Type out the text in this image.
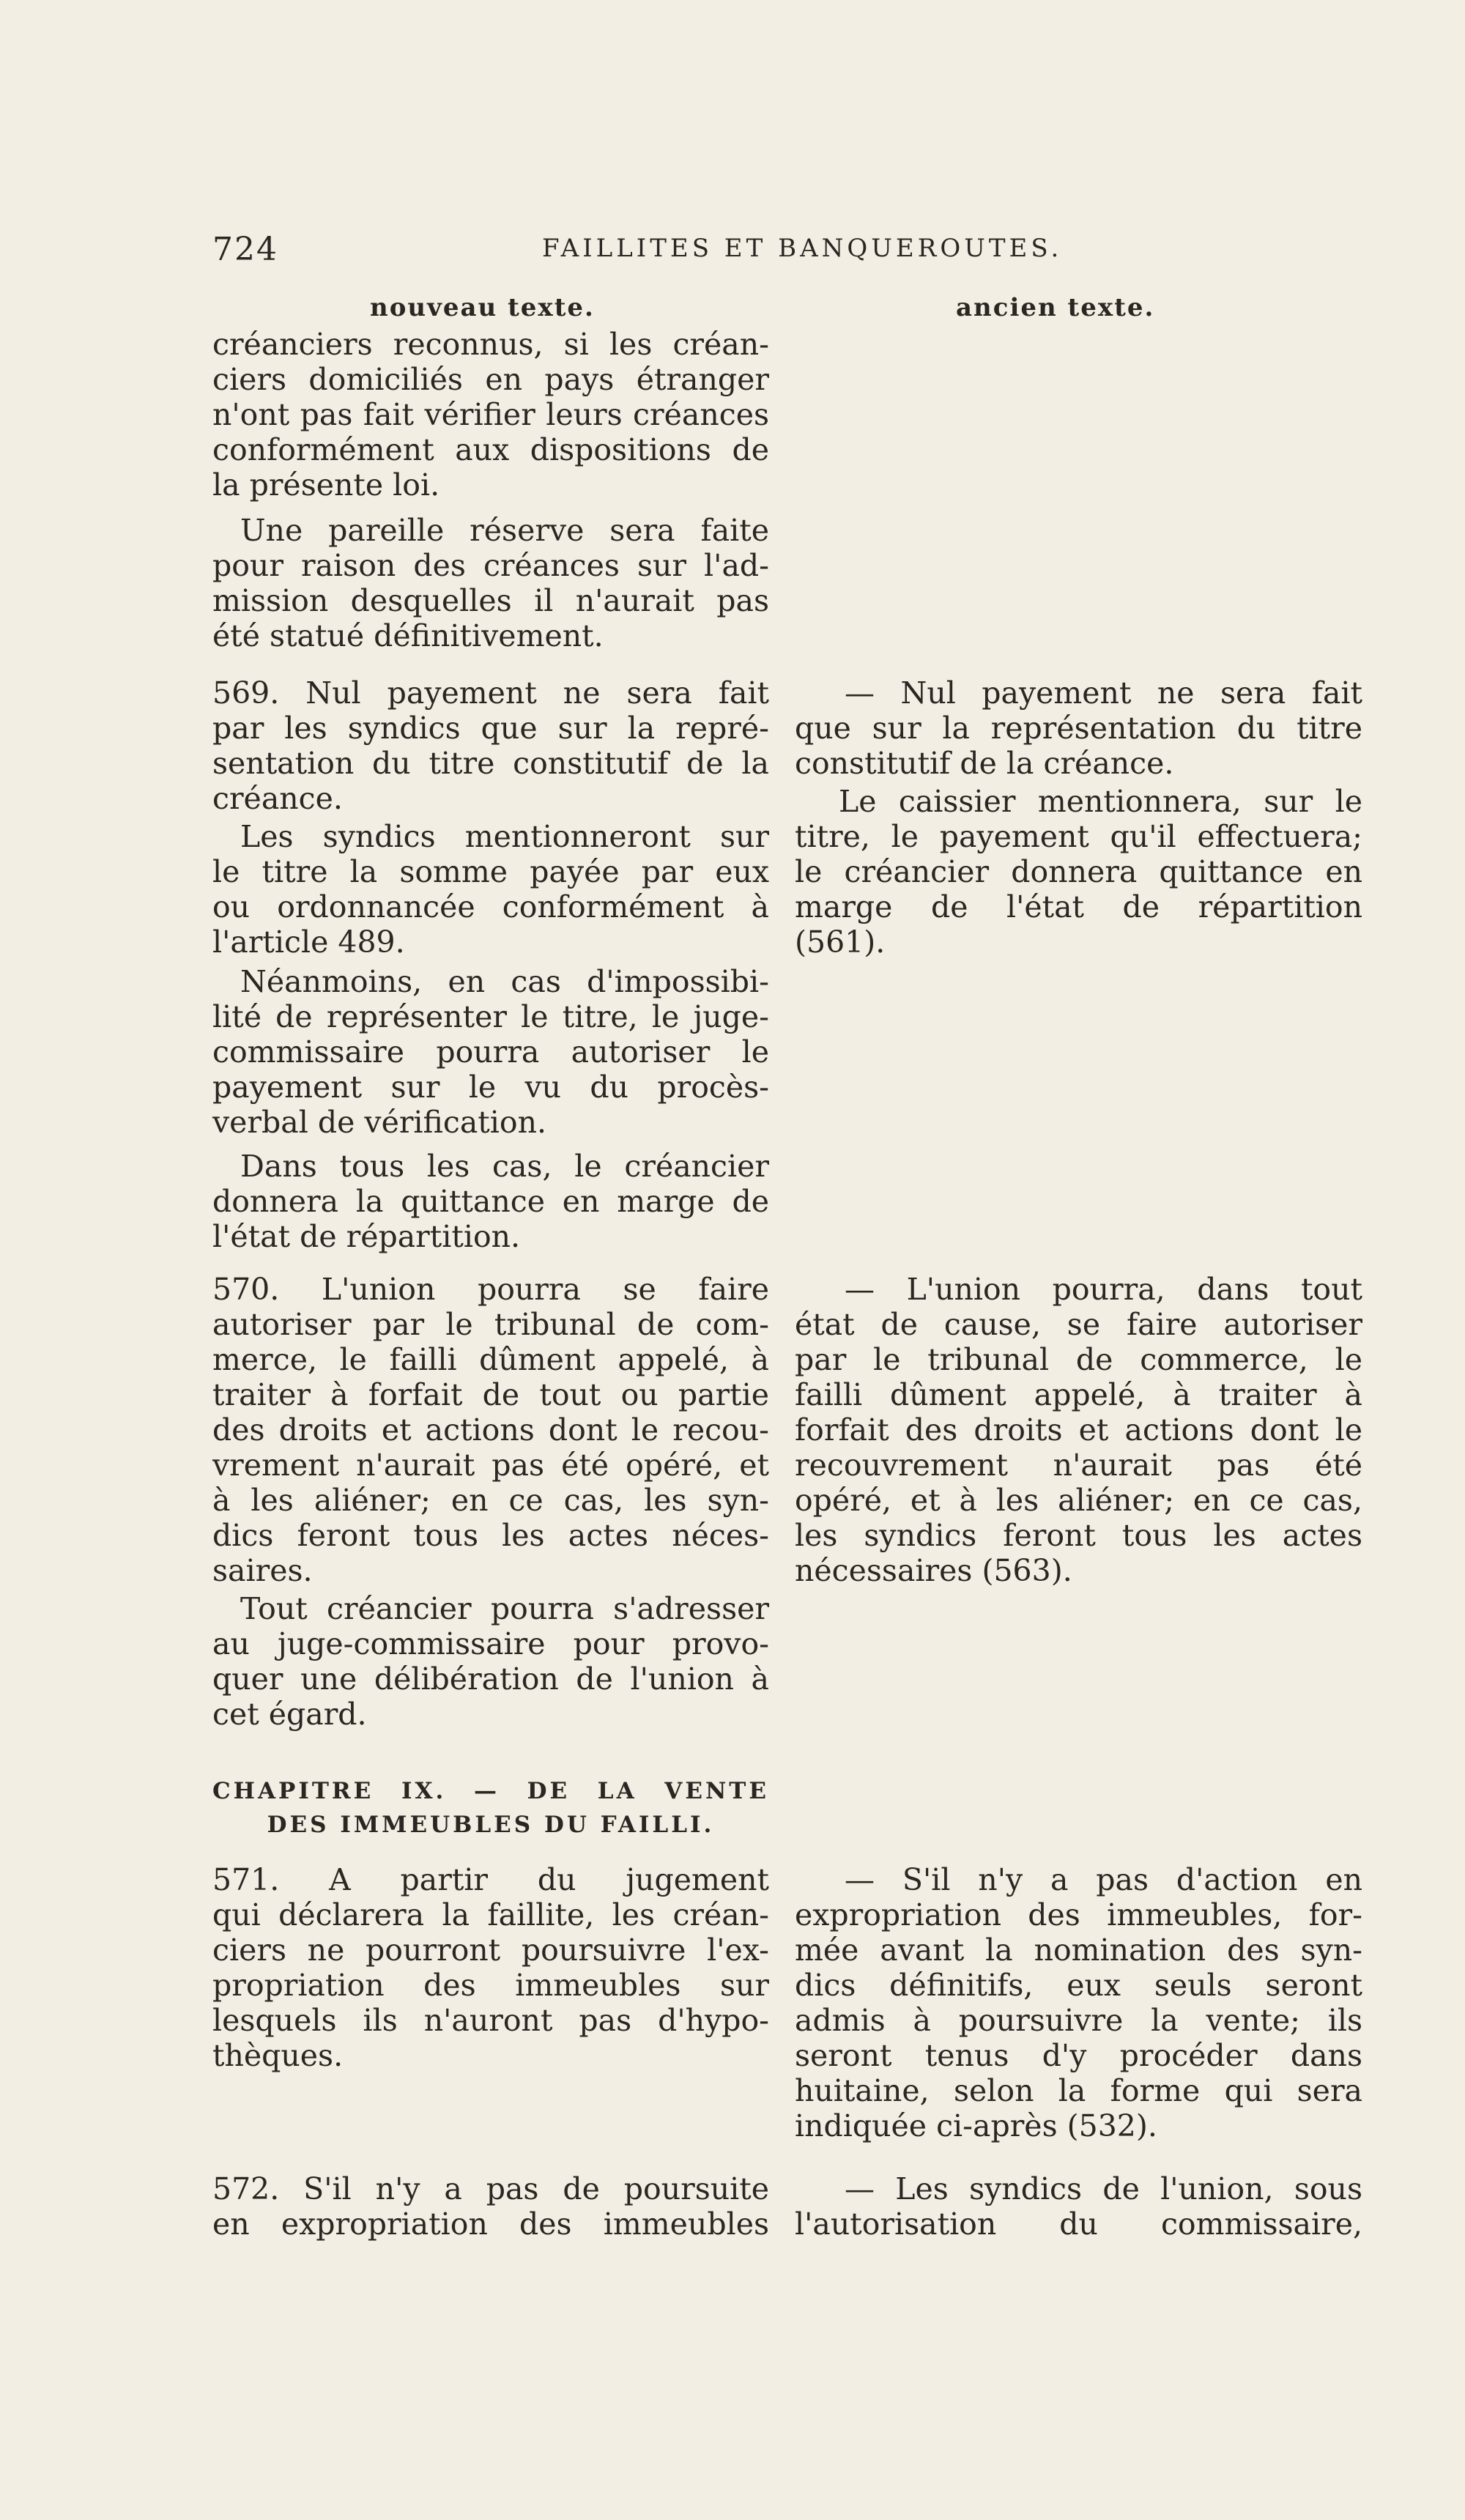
724	FAILLITES ET BANQUEROUTES.
nouveau texte.	ancien texte.
créanciers reconnus, si les créan-
ciers domiciliés en pays étranger
n'ont pas fait vérifier leurs créances
conformément aux dispositions de
la présente loi.
Une pareille réserve sera faite
pour raison des créances sur l'ad-
mission desquelles il n'aurait pas
été statué définitivement.
569. Nul payement ne sera fait
par les syndics que sur la repré-
sentation du titre constitutif de la
créance.
Les syndics mentionneront sur
le titre la somme payée par eux
ou ordonnancée conformément à
l'article 489.
Néanmoins, en cas d'impossibi-
lité de représenter le titre, le juge-
commissaire pourra autoriser le
payement sur le vu du procès-
verbal de vérification.
Dans tous les cas, le créancier
donnera la quittance en marge de
l'état de répartition.
570. L'union pourra se faire
autoriser par le tribunal de com-
merce, le failli dûment appelé, à
traiter à forfait de tout ou partie
des droits et actions dont le recou-
vrement n'aurait pas été opéré, et
à les aliéner; en ce cas, les syn-
dics feront tous les actes néces-
saires.
Tout créancier pourra s'adresser
au juge-commissaire pour provo-
quer une délibération de l'union à
cet égard.
CHAPITRE IX. — DE LA VENTE
DES IMMEUBLES DU FAILLI.
571. A partir du jugement
qui déclarera la faillite, les créan-
ciers ne pourront poursuivre l'ex-
propriation des immeubles sur
lesquels ils n'auront pas d'hypo-
thèques.
572. S'il n'y a pas de poursuite
en expropriation des immeubles
— Nul payement ne sera fait
que sur la représentation du titre
constitutif de la créance.
Le caissier mentionnera, sur le
titre, le payement qu'il effectuera;
le créancier donnera quittance en
marge de l'état de répartition
(561).
— L'union pourra, dans tout
état de cause, se faire autoriser
par le tribunal de commerce, le
failli dûment appelé, à traiter à
forfait des droits et actions dont le
recouvrement n'aurait pas été
opéré, et à les aliéner; en ce cas,
les syndics feront tous les actes
nécessaires (563).
— S'il n'y a pas d'action en
expropriation des immeubles, for-
mée avant la nomination des syn-
dics définitifs, eux seuls seront
admis à poursuivre la vente; ils
seront tenus d'y procéder dans
huitaine, selon la forme qui sera
indiquée ci-après (532).
— Les syndics de l'union, sous
l'autorisation du commissaire,
